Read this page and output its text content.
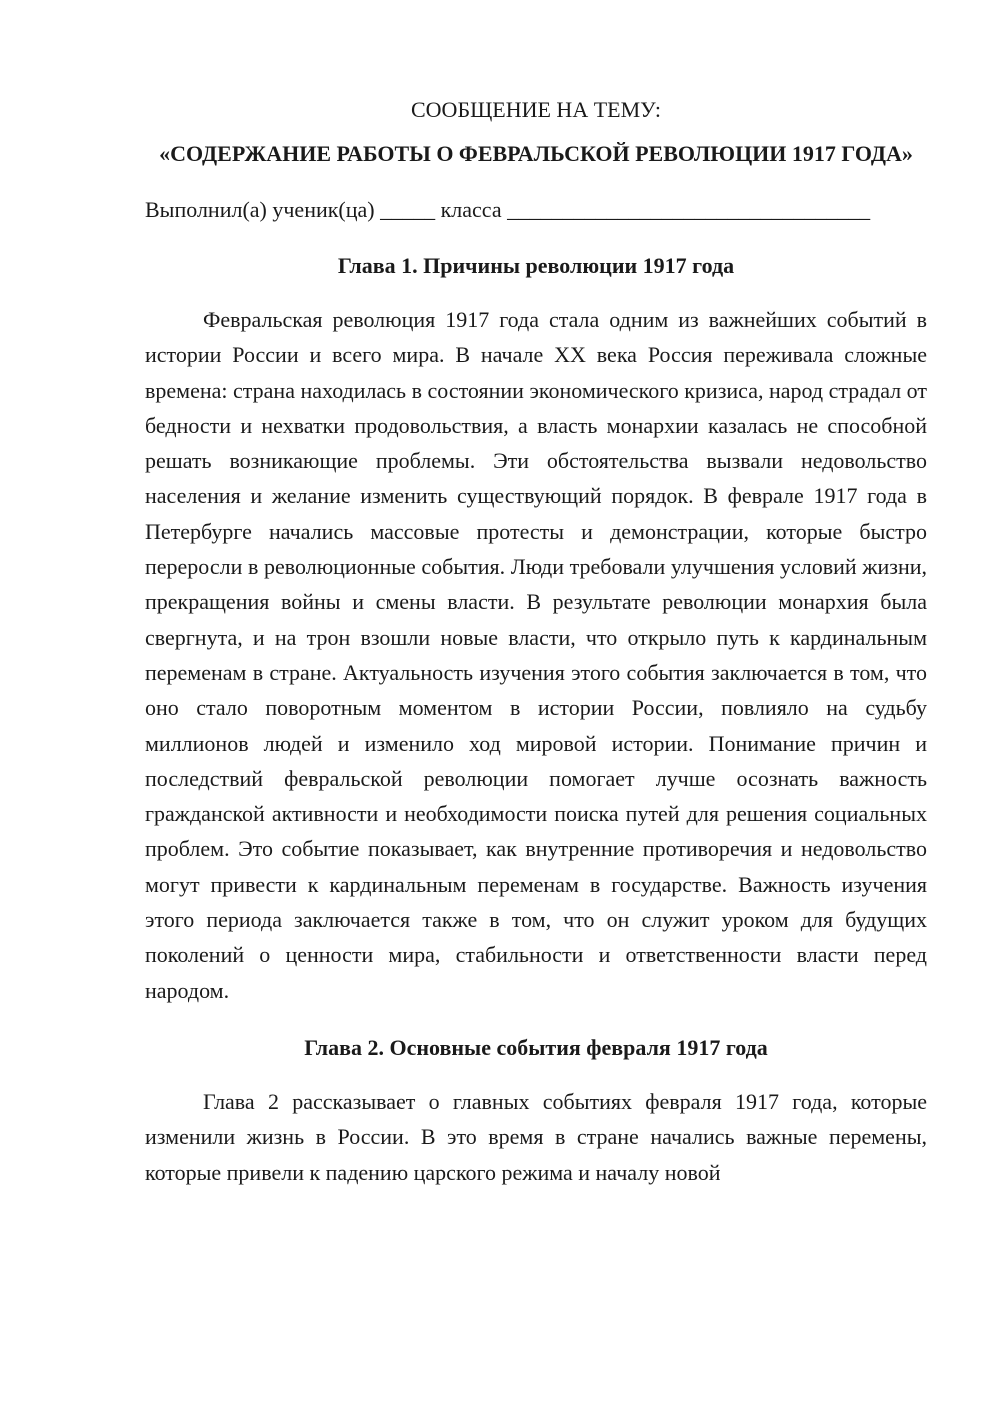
СООБЩЕНИЕ НА ТЕМУ:
«СОДЕРЖАНИЕ РАБОТЫ О ФЕВРАЛЬСКОЙ РЕВОЛЮЦИИ 1917 ГОДА»
Выполнил(а) ученик(ца) _____ класса _________________________________
Глава 1. Причины революции 1917 года

Февральская революция 1917 года стала одним из важнейших событий в истории России и всего мира. В начале XX века Россия переживала сложные времена: страна находилась в состоянии экономического кризиса, народ страдал от бедности и нехватки продовольствия, а власть монархии казалась не способной решать возникающие проблемы. Эти обстоятельства вызвали недовольство населения и желание изменить существующий порядок. В феврале 1917 года в Петербурге начались массовые протесты и демонстрации, которые быстро переросли в революционные события. Люди требовали улучшения условий жизни, прекращения войны и смены власти. В результате революции монархия была свергнута, и на трон взошли новые власти, что открыло путь к кардинальным переменам в стране. Актуальность изучения этого события заключается в том, что оно стало поворотным моментом в истории России, повлияло на судьбу миллионов людей и изменило ход мировой истории. Понимание причин и последствий февральской революции помогает лучше осознать важность гражданской активности и необходимости поиска путей для решения социальных проблем. Это событие показывает, как внутренние противоречия и недовольство могут привести к кардинальным переменам в государстве. Важность изучения этого периода заключается также в том, что он служит уроком для будущих поколений о ценности мира, стабильности и ответственности власти перед народом.

Глава 2. Основные события февраля 1917 года

Глава 2 рассказывает о главных событиях февраля 1917 года, которые изменили жизнь в России. В это время в стране начались важные перемены, которые привели к падению царского режима и началу новой
